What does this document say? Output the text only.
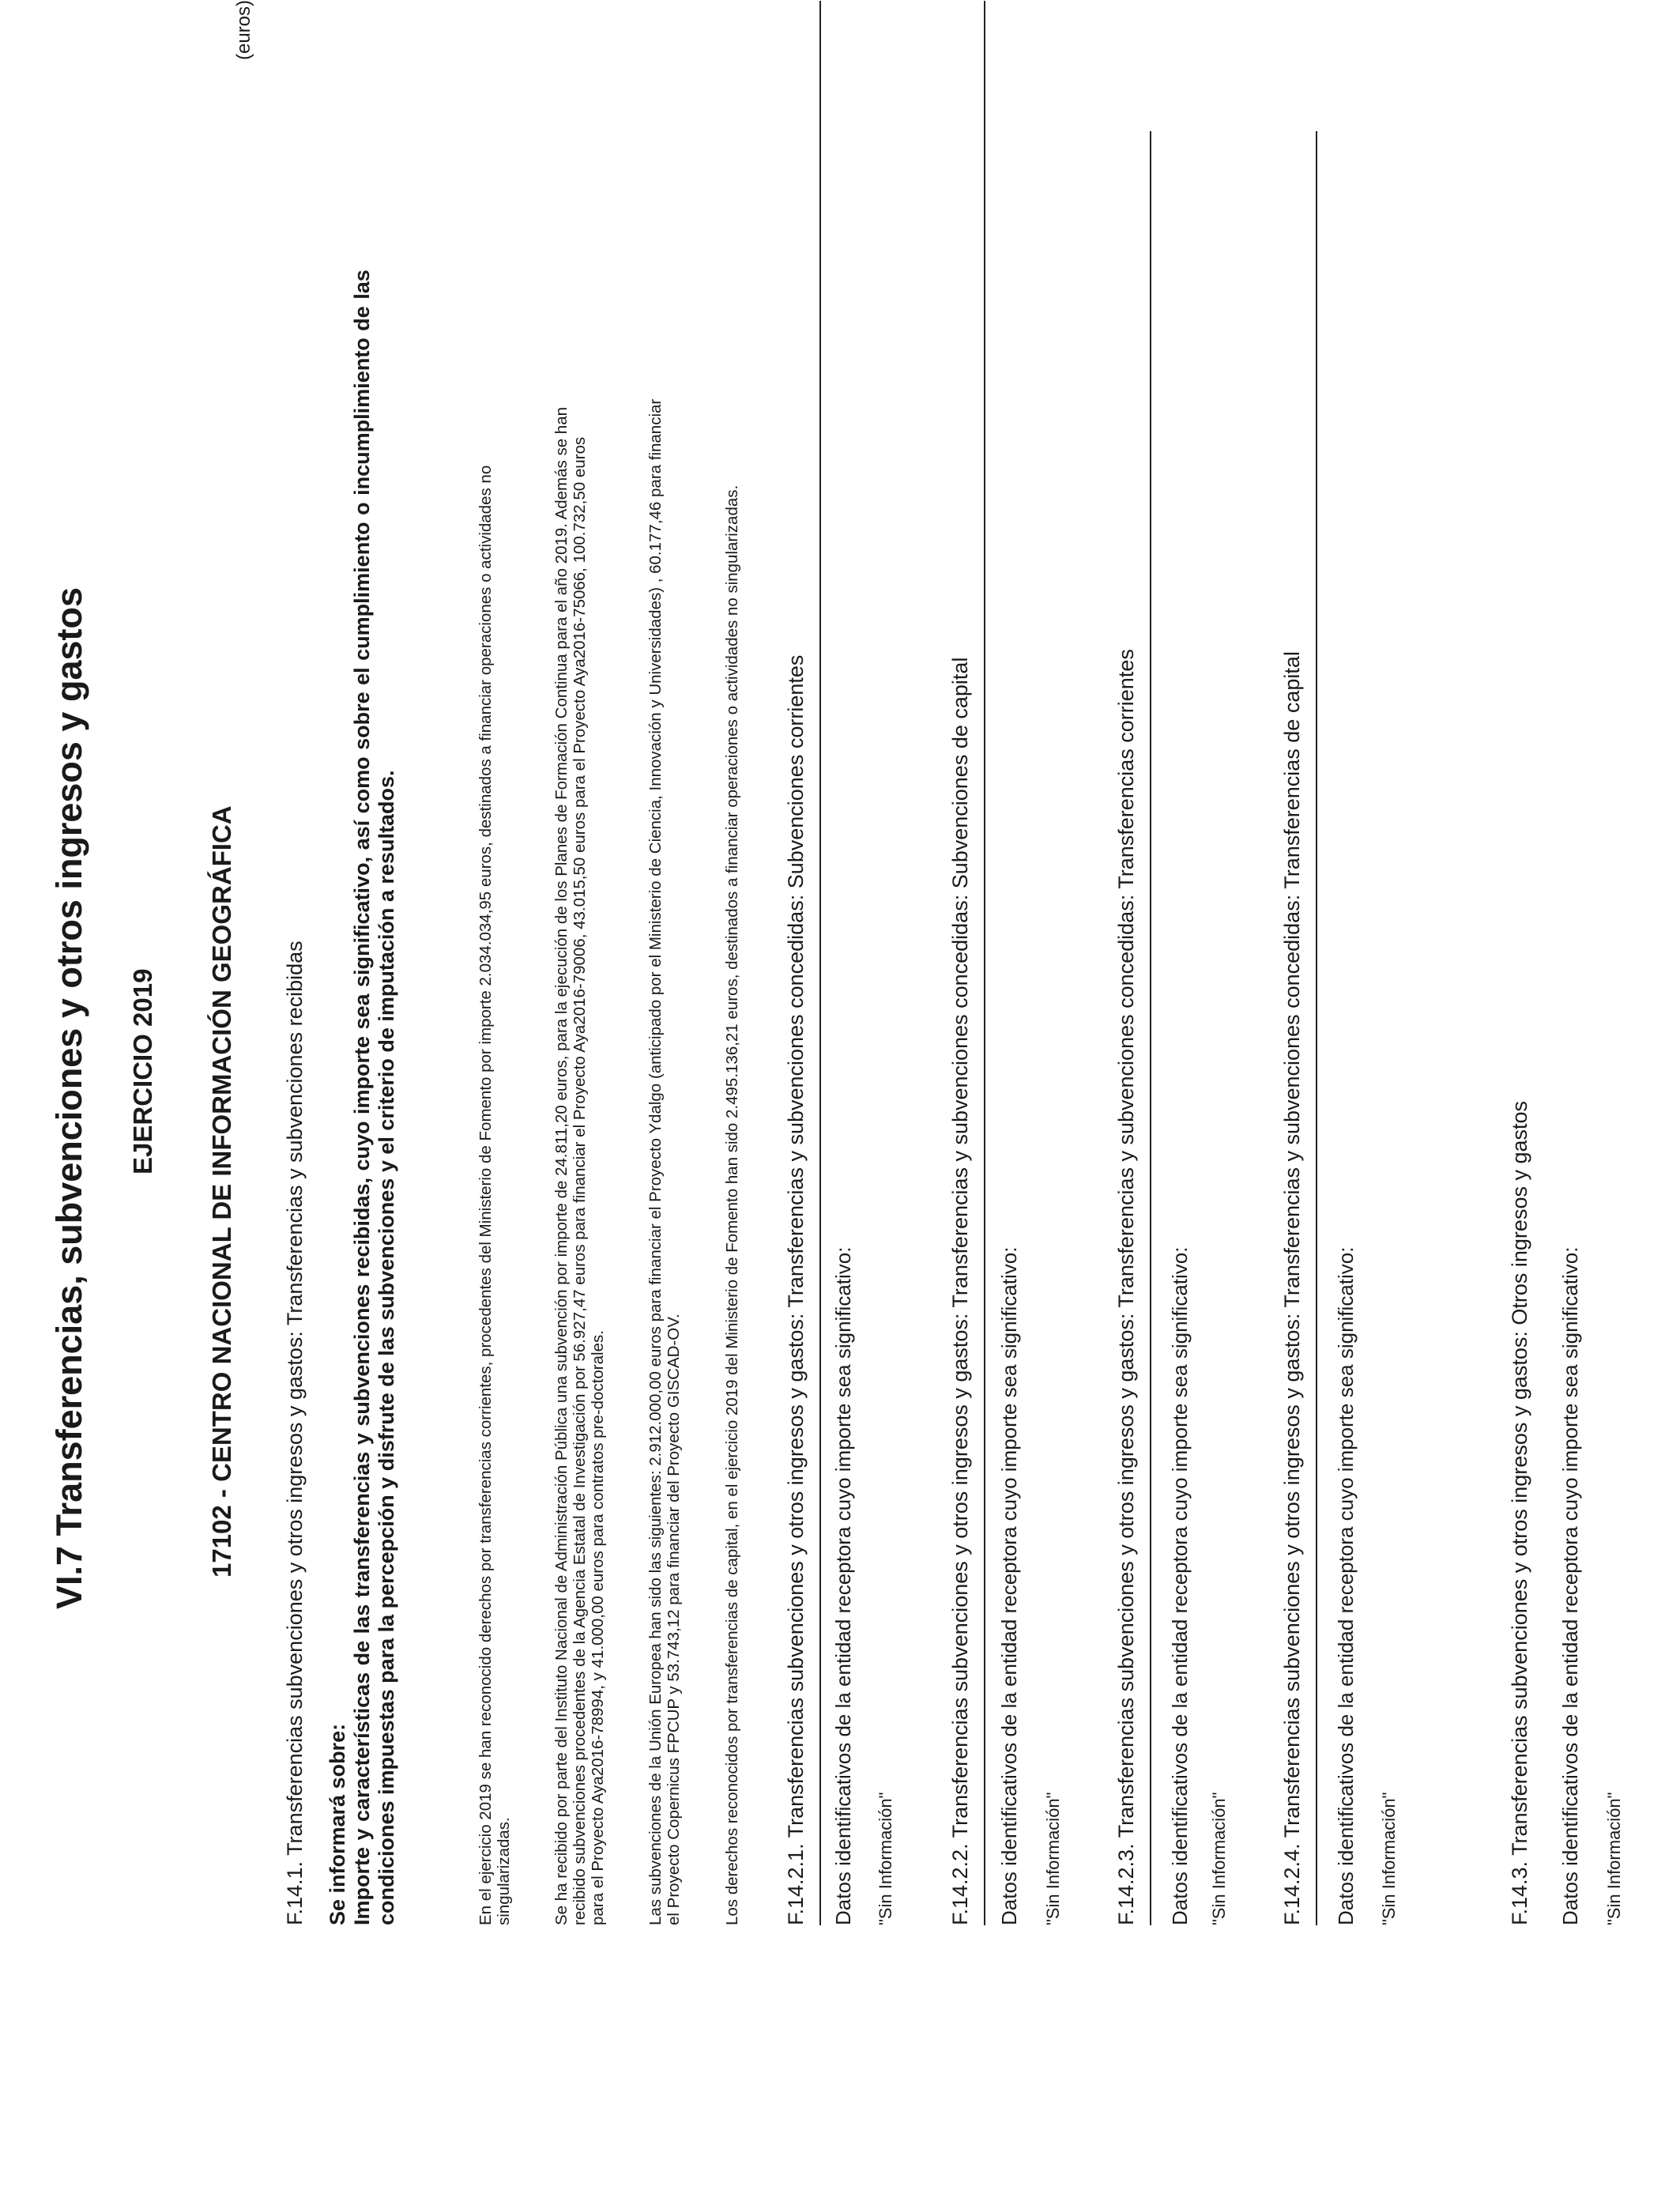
VI.7 Transferencias, subvenciones y otros ingresos y gastos EJERCICIO 2019 17102 - CENTRO NACIONAL DE INFORMACIÓN GEOGRÁFICA
(euros)
F.14.1. Transferencias subvenciones y otros ingresos y gastos: Transferencias y subvenciones recibidas Se informará sobre: Importe y características de las transferencias y subvenciones recibidas, cuyo importe sea significativo, así como sobre el cumplimiento o incumplimiento de las condiciones impuestas para la percepción y disfrute de las subvenciones y el criterio de imputación a resultados.	En el ejercicio 2019 se han reconocido derechos por transferencias corrientes, procedentes del Ministerio de Fomento por importe 2.034.034,95 euros, destinados a financiar operaciones o actividades no singularizadas. Se ha recibido por parte del Instituto Nacional de Administración Pública una subvención por importe de 24.811,20 euros, para la ejecución de los Planes de Formación Continua para el año 2019. Además se han recibido subvenciones procedentes de la Agencia Estatal de Investigación por 56.927,47 euros para financiar el Proyecto Aya2016-79006, 43.015,50 euros para el Proyecto Aya2016-75066, 100.732,50 euros para el Proyecto Aya2016-78994, y 41.000,00 euros para contratos pre-doctorales. Las subvenciones de la Unión Europea han sido las siguientes: 2.912.000,00 euros para financiar el Proyecto Ydalgo (anticipado por el Ministerio de Ciencia, Innovación y Universidades) , 60.177,46 para financiar el Proyecto Copernicus FPCUP y 53.743,12 para financiar del Proyecto GISCAD-OV. Los derechos reconocidos por transferencias de capital, en el ejercicio 2019 del Ministerio de Fomento han sido 2.495.136,21 euros, destinados a financiar operaciones o actividades no singularizadas. F.14.2.1. Transferencias subvenciones y otros ingresos y gastos: Transferencias y subvenciones concedidas: Subvenciones corrientes Datos identificativos de la entidad receptora cuyo importe sea significativo: "Sin Información" F.14.2.2. Transferencias subvenciones y otros ingresos y gastos: Transferencias y subvenciones concedidas: Subvenciones de capital Datos identificativos de la entidad receptora cuyo importe sea significativo: "Sin Información" F.14.2.3. Transferencias subvenciones y otros ingresos y gastos: Transferencias y subvenciones concedidas: Transferencias corrientes Datos identificativos de la entidad receptora cuyo importe sea significativo: "Sin Información" F.14.2.4. Transferencias subvenciones y otros ingresos y gastos: Transferencias y subvenciones concedidas: Transferencias de capital Datos identificativos de la entidad receptora cuyo importe sea significativo: "Sin Información"	F.14.3. Transferencias subvenciones y otros ingresos y gastos: Otros ingresos y gastos Datos identificativos de la entidad receptora cuyo importe sea significativo: "Sin Información"
